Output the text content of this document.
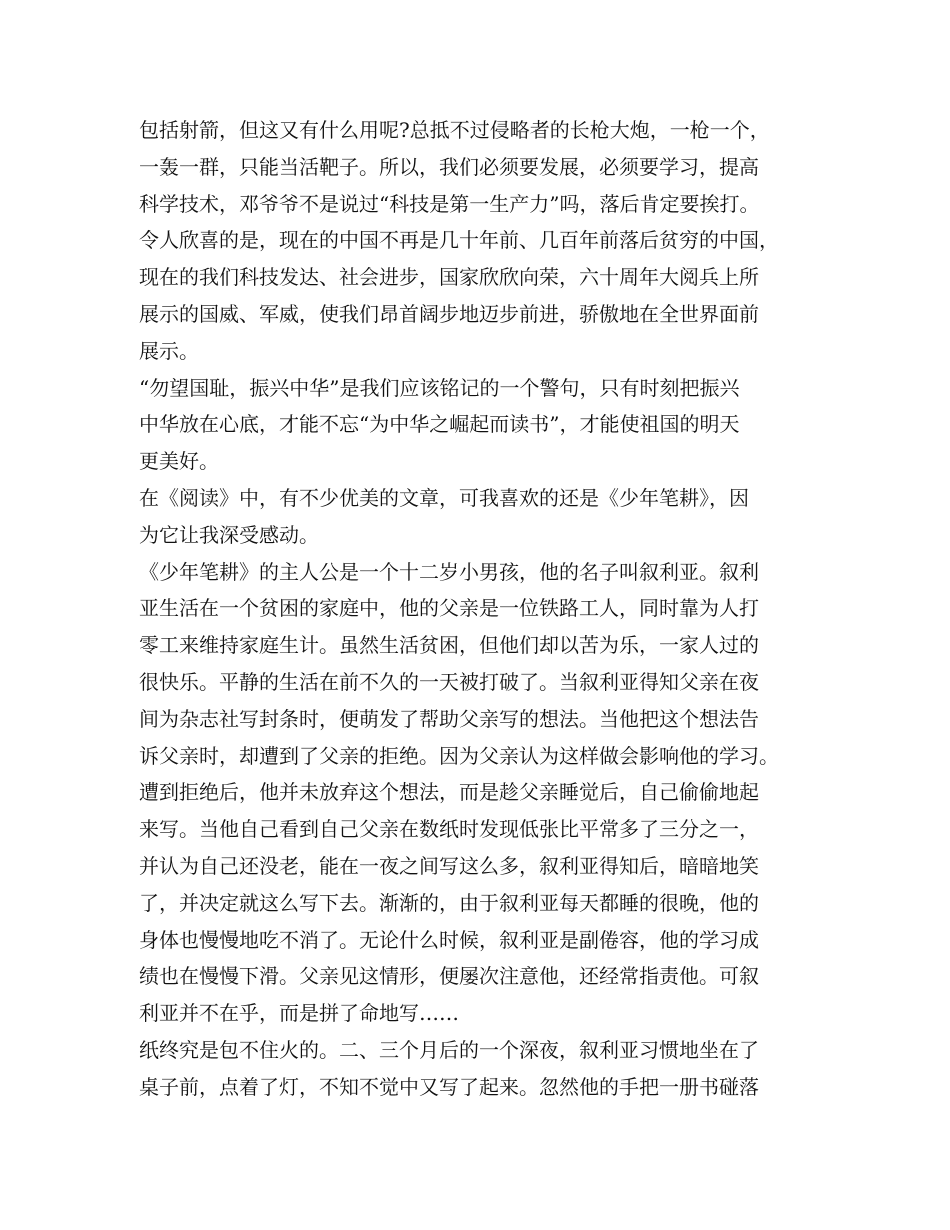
包括射箭，但这又有什么用呢?总抵不过侵略者的长枪大炮，一枪一个，
一轰一群，只能当活靶子。所以，我们必须要发展，必须要学习，提高
科学技术，邓爷爷不是说过“科技是第一生产力”吗，落后肯定要挨打。
令人欣喜的是，现在的中国不再是几十年前、几百年前落后贫穷的中国，
现在的我们科技发达、社会进步，国家欣欣向荣，六十周年大阅兵上所
展示的国威、军威，使我们昂首阔步地迈步前进，骄傲地在全世界面前
展示。
“勿望国耻，振兴中华”是我们应该铭记的一个警句，只有时刻把振兴
中华放在心底，才能不忘“为中华之崛起而读书”，才能使祖国的明天
更美好。
在《阅读》中，有不少优美的文章，可我喜欢的还是《少年笔耕》，因
为它让我深受感动。
《少年笔耕》的主人公是一个十二岁小男孩，他的名子叫叙利亚。叙利
亚生活在一个贫困的家庭中，他的父亲是一位铁路工人，同时靠为人打
零工来维持家庭生计。虽然生活贫困，但他们却以苦为乐，一家人过的
很快乐。平静的生活在前不久的一天被打破了。当叙利亚得知父亲在夜
间为杂志社写封条时，便萌发了帮助父亲写的想法。当他把这个想法告
诉父亲时，却遭到了父亲的拒绝。因为父亲认为这样做会影响他的学习。
遭到拒绝后，他并未放弃这个想法，而是趁父亲睡觉后，自己偷偷地起
来写。当他自己看到自己父亲在数纸时发现低张比平常多了三分之一，
并认为自己还没老，能在一夜之间写这么多，叙利亚得知后，暗暗地笑
了，并决定就这么写下去。渐渐的，由于叙利亚每天都睡的很晚，他的
身体也慢慢地吃不消了。无论什么时候，叙利亚是副倦容，他的学习成
绩也在慢慢下滑。父亲见这情形，便屡次注意他，还经常指责他。可叙
利亚并不在乎，而是拼了命地写……
纸终究是包不住火的。二、三个月后的一个深夜，叙利亚习惯地坐在了
桌子前，点着了灯，不知不觉中又写了起来。忽然他的手把一册书碰落
